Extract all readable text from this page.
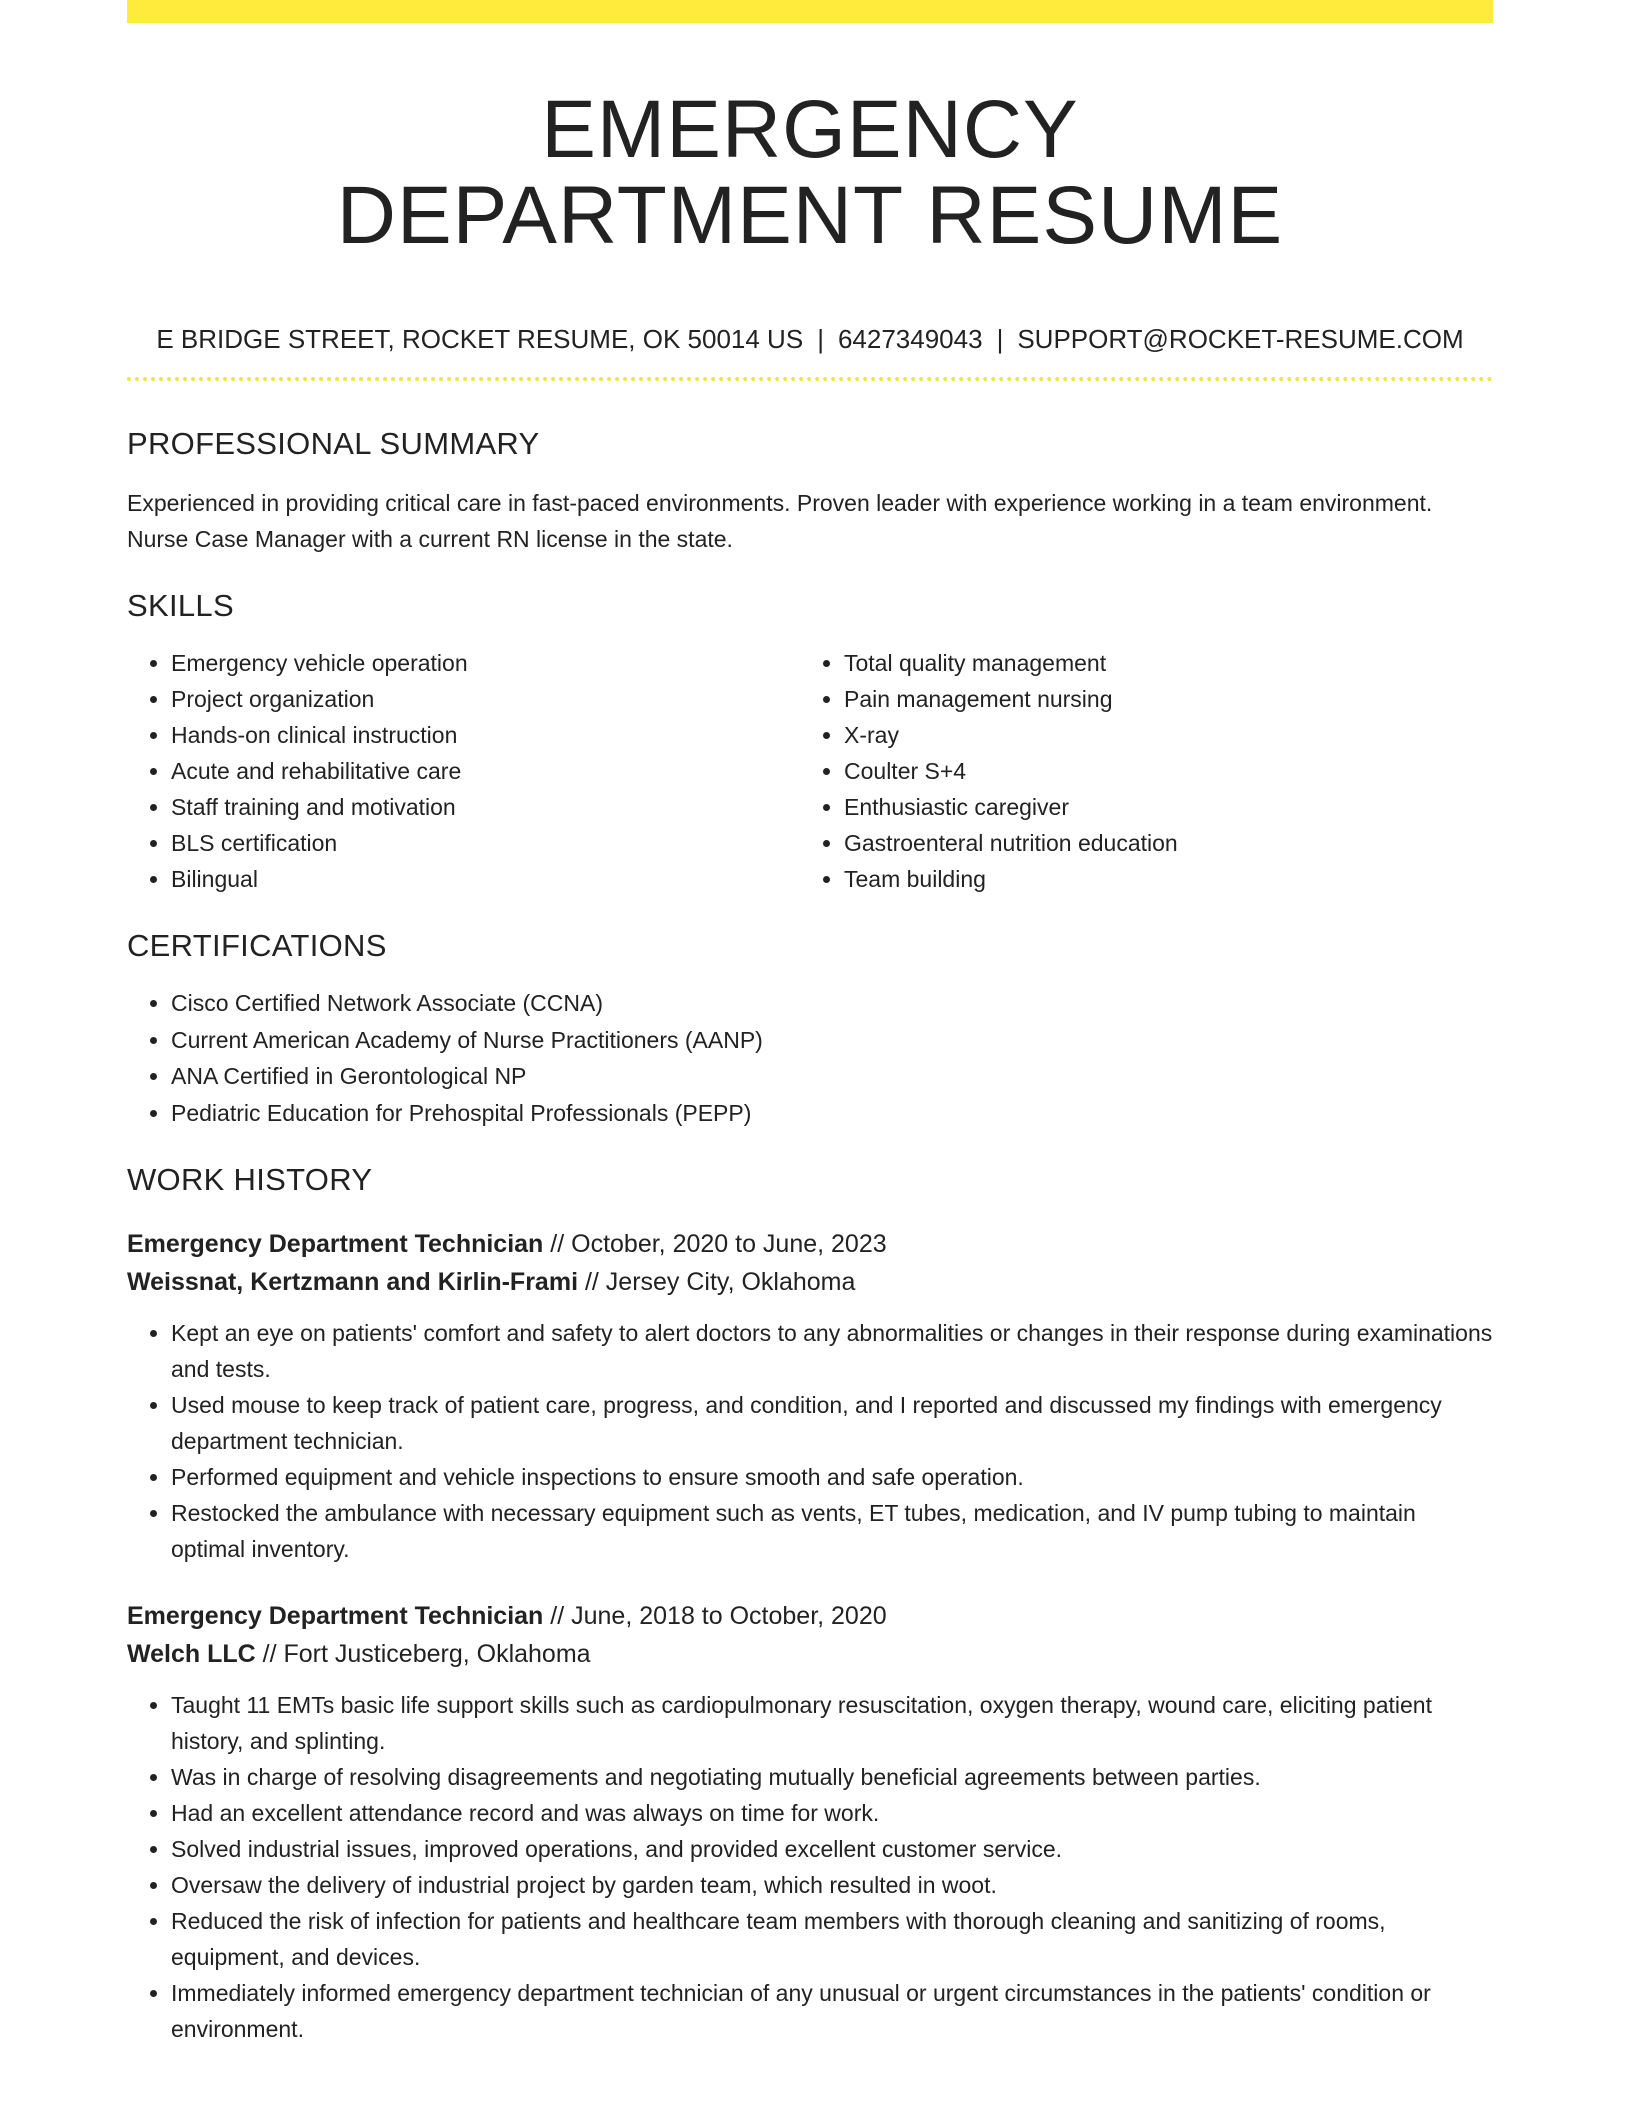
EMERGENCY
DEPARTMENT RESUME
E BRIDGE STREET, ROCKET RESUME, OK 50014 US | 6427349043 | SUPPORT@ROCKET-RESUME.COM
PROFESSIONAL SUMMARY

Experienced in providing critical care in fast-paced environments. Proven leader with experience working in a team environment. Nurse Case Manager with a current RN license in the state.

SKILLS
• Emergency vehicle operation
• Project organization
• Hands-on clinical instruction
• Acute and rehabilitative care
• Staff training and motivation
• BLS certification
• Bilingual
• Total quality management
• Pain management nursing
• X-ray
• Coulter S+4
• Enthusiastic caregiver
• Gastroenteral nutrition education
• Team building
CERTIFICATIONS
• Cisco Certified Network Associate (CCNA)
• Current American Academy of Nurse Practitioners (AANP)
• ANA Certified in Gerontological NP
• Pediatric Education for Prehospital Professionals (PEPP)
WORK HISTORY
Emergency Department Technician // October, 2020 to June, 2023
Weissnat, Kertzmann and Kirlin-Frami // Jersey City, Oklahoma
• Kept an eye on patients' comfort and safety to alert doctors to any abnormalities or changes in their response during examinations and tests.
• Used mouse to keep track of patient care, progress, and condition, and I reported and discussed my findings with emergency department technician.
• Performed equipment and vehicle inspections to ensure smooth and safe operation.
• Restocked the ambulance with necessary equipment such as vents, ET tubes, medication, and IV pump tubing to maintain optimal inventory.
Emergency Department Technician // June, 2018 to October, 2020
Welch LLC // Fort Justiceberg, Oklahoma
• Taught 11 EMTs basic life support skills such as cardiopulmonary resuscitation, oxygen therapy, wound care, eliciting patient history, and splinting.
• Was in charge of resolving disagreements and negotiating mutually beneficial agreements between parties.
• Had an excellent attendance record and was always on time for work.
• Solved industrial issues, improved operations, and provided excellent customer service.
• Oversaw the delivery of industrial project by garden team, which resulted in woot.
• Reduced the risk of infection for patients and healthcare team members with thorough cleaning and sanitizing of rooms, equipment, and devices.
• Immediately informed emergency department technician of any unusual or urgent circumstances in the patients' condition or environment.
